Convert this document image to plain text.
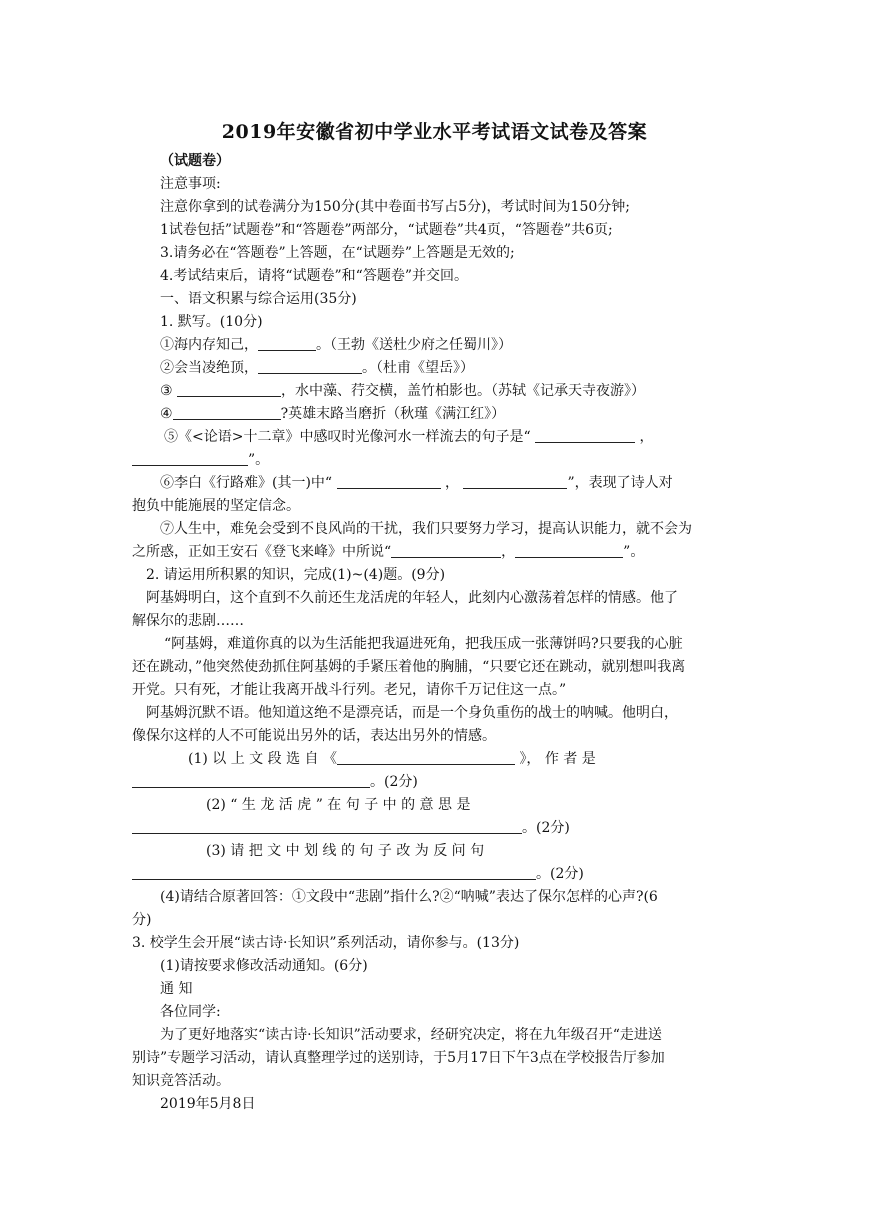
2019年安徽省初中学业水平考试语文试卷及答案
（试题卷）
注意事项:
注意你拿到的试卷满分为150分(其中卷面书写占5分)，考试时间为150分钟;
1试卷包括”试题卷”和“答题卷”两部分，“试题卷”共4页，“答题卷”共6页;
3.请务必在“答题卷”上答题，在“试题券”上答题是无效的;
4.考试结束后，请将“试题卷”和“答题卷”并交回。
一、语文积累与综合运用(35分)
1. 默写。(10分)
①海内存知己，	。（王勃《送杜少府之任蜀川》）
②会当凌绝顶，	。（杜甫《望岳》）
③	，水中藻、荇交横，盖竹柏影也。（苏轼《记承天寺夜游》）
④	?英雄末路当磨折（秋瑾《满江红》）
⑤《<论语>十二章》中感叹时光像河水一样流去的句子是“	，
”。
⑥李白《行路难》(其一)中“	，	”，表现了诗人对
抱负中能施展的坚定信念。
⑦人生中，难免会受到不良风尚的干扰，我们只要努力学习，提高认识能力，就不会为
之所惑，正如王安石《登飞来峰》中所说“	，	”。
2. 请运用所积累的知识，完成(1)~(4)题。(9分)
阿基姆明白，这个直到不久前还生龙活虎的年轻人，此刻内心激荡着怎样的情感。他了
解保尔的悲剧……
“阿基姆，难道你真的以为生活能把我逼进死角，把我压成一张薄饼吗?只要我的心脏
还在跳动，”他突然使劲抓住阿基姆的手紧压着他的胸脯，“只要它还在跳动，就别想叫我离
开党。只有死，才能让我离开战斗行列。老兄，请你千万记住这一点。”
阿基姆沉默不语。他知道这绝不是漂亮话，而是一个身负重伤的战士的呐喊。他明白，
像保尔这样的人不可能说出另外的话，表达出另外的情感。
(1) 以 上 文 段 选 自 《	》， 作 者 是
。(2分)
(2) “ 生 龙 活 虎 ” 在 句 子 中 的 意 思 是
。(2分)
(3) 请 把 文 中 划 线 的 句 子 改 为 反 问 句
。(2分)
(4)请结合原著回答：①文段中“悲剧”指什么?②“呐喊”表达了保尔怎样的心声?(6
分)
3. 校学生会开展“读古诗·长知识”系列活动，请你参与。(13分)
(1)请按要求修改活动通知。(6分)
通 知
各位同学:
为了更好地落实“读古诗·长知识”活动要求，经研究决定，将在九年级召开“走进送
别诗”专题学习活动，请认真整理学过的送别诗，于5月17日下午3点在学校报告厅参加
知识竞答活动。
2019年5月8日
